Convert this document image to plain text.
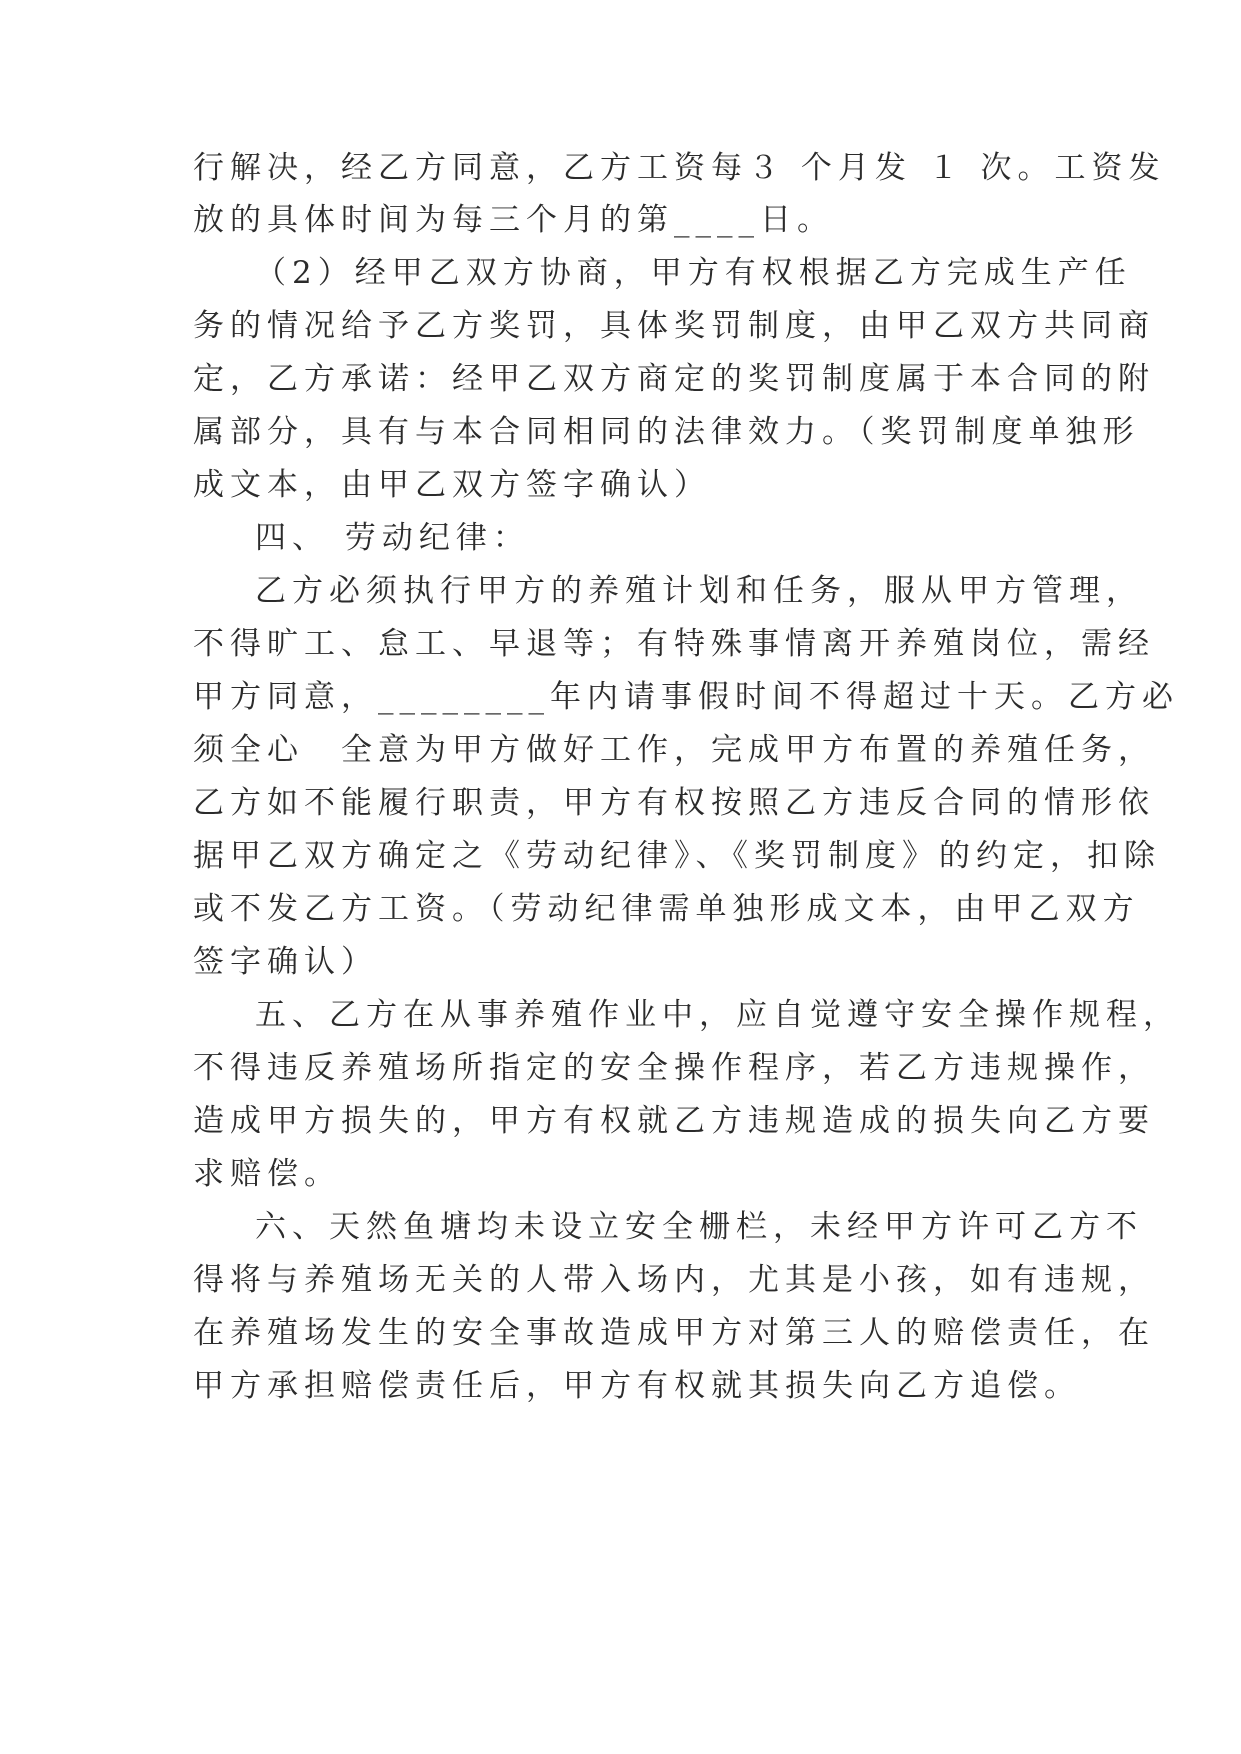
行解决，经乙方同意，乙方工资每３ 个月发 １ 次。工资发

放的具体时间为每三个月的第____日。

（2）经甲乙双方协商，甲方有权根据乙方完成生产任

务的情况给予乙方奖罚，具体奖罚制度，由甲乙双方共同商

定，乙方承诺：经甲乙双方商定的奖罚制度属于本合同的附

属部分，具有与本合同相同的法律效力。（奖罚制度单独形

成文本，由甲乙双方签字确认）

四、 劳动纪律：

乙方必须执行甲方的养殖计划和任务，服从甲方管理，

不得旷工、怠工、早退等；有特殊事情离开养殖岗位，需经

甲方同意，________年内请事假时间不得超过十天。乙方必

须全心　全意为甲方做好工作，完成甲方布置的养殖任务，

乙方如不能履行职责，甲方有权按照乙方违反合同的情形依

据甲乙双方确定之《劳动纪律》、《奖罚制度》的约定，扣除

或不发乙方工资。（劳动纪律需单独形成文本，由甲乙双方

签字确认）

五、乙方在从事养殖作业中，应自觉遵守安全操作规程，

不得违反养殖场所指定的安全操作程序，若乙方违规操作，

造成甲方损失的，甲方有权就乙方违规造成的损失向乙方要

求赔偿。

六、天然鱼塘均未设立安全栅栏，未经甲方许可乙方不

得将与养殖场无关的人带入场内，尤其是小孩，如有违规，

在养殖场发生的安全事故造成甲方对第三人的赔偿责任，在

甲方承担赔偿责任后，甲方有权就其损失向乙方追偿。
